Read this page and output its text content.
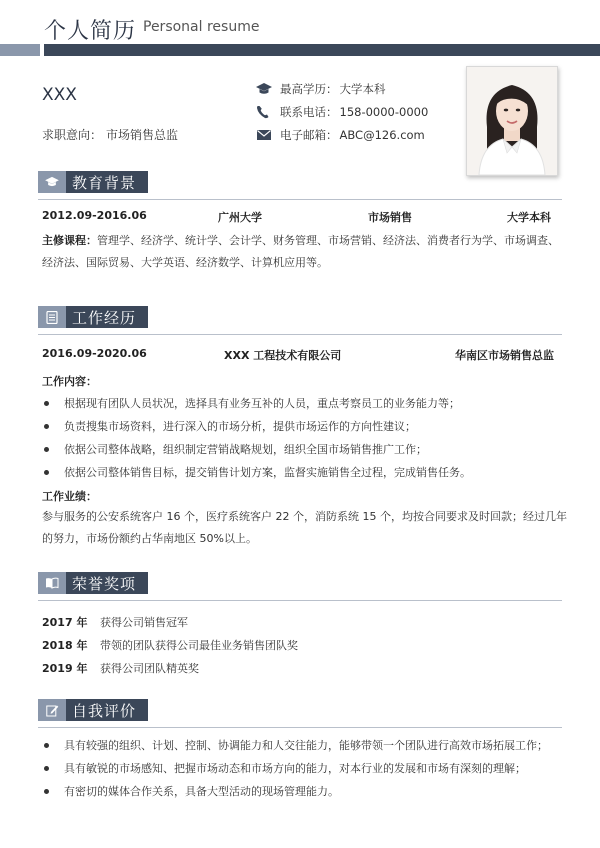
个人简历 Personal resume
XXX
求职意向： 市场销售总监
最高学历： 大学本科
联系电话： 158-0000-0000
电子邮箱： ABC@126.com
教育背景
2012.09-2016.06	广州大学	市场销售	大学本科
主修课程：管理学、经济学、统计学、会计学、财务管理、市场营销、经济法、消费者行为学、市场调查、
经济法、国际贸易、大学英语、经济数学、计算机应用等。
工作经历
2016.09-2020.06	XXX 工程技术有限公司	华南区市场销售总监
工作内容：
根据现有团队人员状况，选择具有业务互补的人员，重点考察员工的业务能力等；
负责搜集市场资料，进行深入的市场分析，提供市场运作的方向性建议；
依据公司整体战略，组织制定营销战略规划，组织全国市场销售推广工作；
依据公司整体销售目标，提交销售计划方案，监督实施销售全过程，完成销售任务。
工作业绩：
参与服务的公安系统客户 16 个，医疗系统客户 22 个，消防系统 15 个，均按合同要求及时回款；经过几年
的努力，市场份额约占华南地区 50%以上。
荣誉奖项
2017 年	获得公司销售冠军
2018 年	带领的团队获得公司最佳业务销售团队奖
2019 年	获得公司团队精英奖
自我评价
具有较强的组织、计划、控制、协调能力和人交往能力，能够带领一个团队进行高效市场拓展工作；
具有敏锐的市场感知、把握市场动态和市场方向的能力，对本行业的发展和市场有深刻的理解；
有密切的媒体合作关系，具备大型活动的现场管理能力。
